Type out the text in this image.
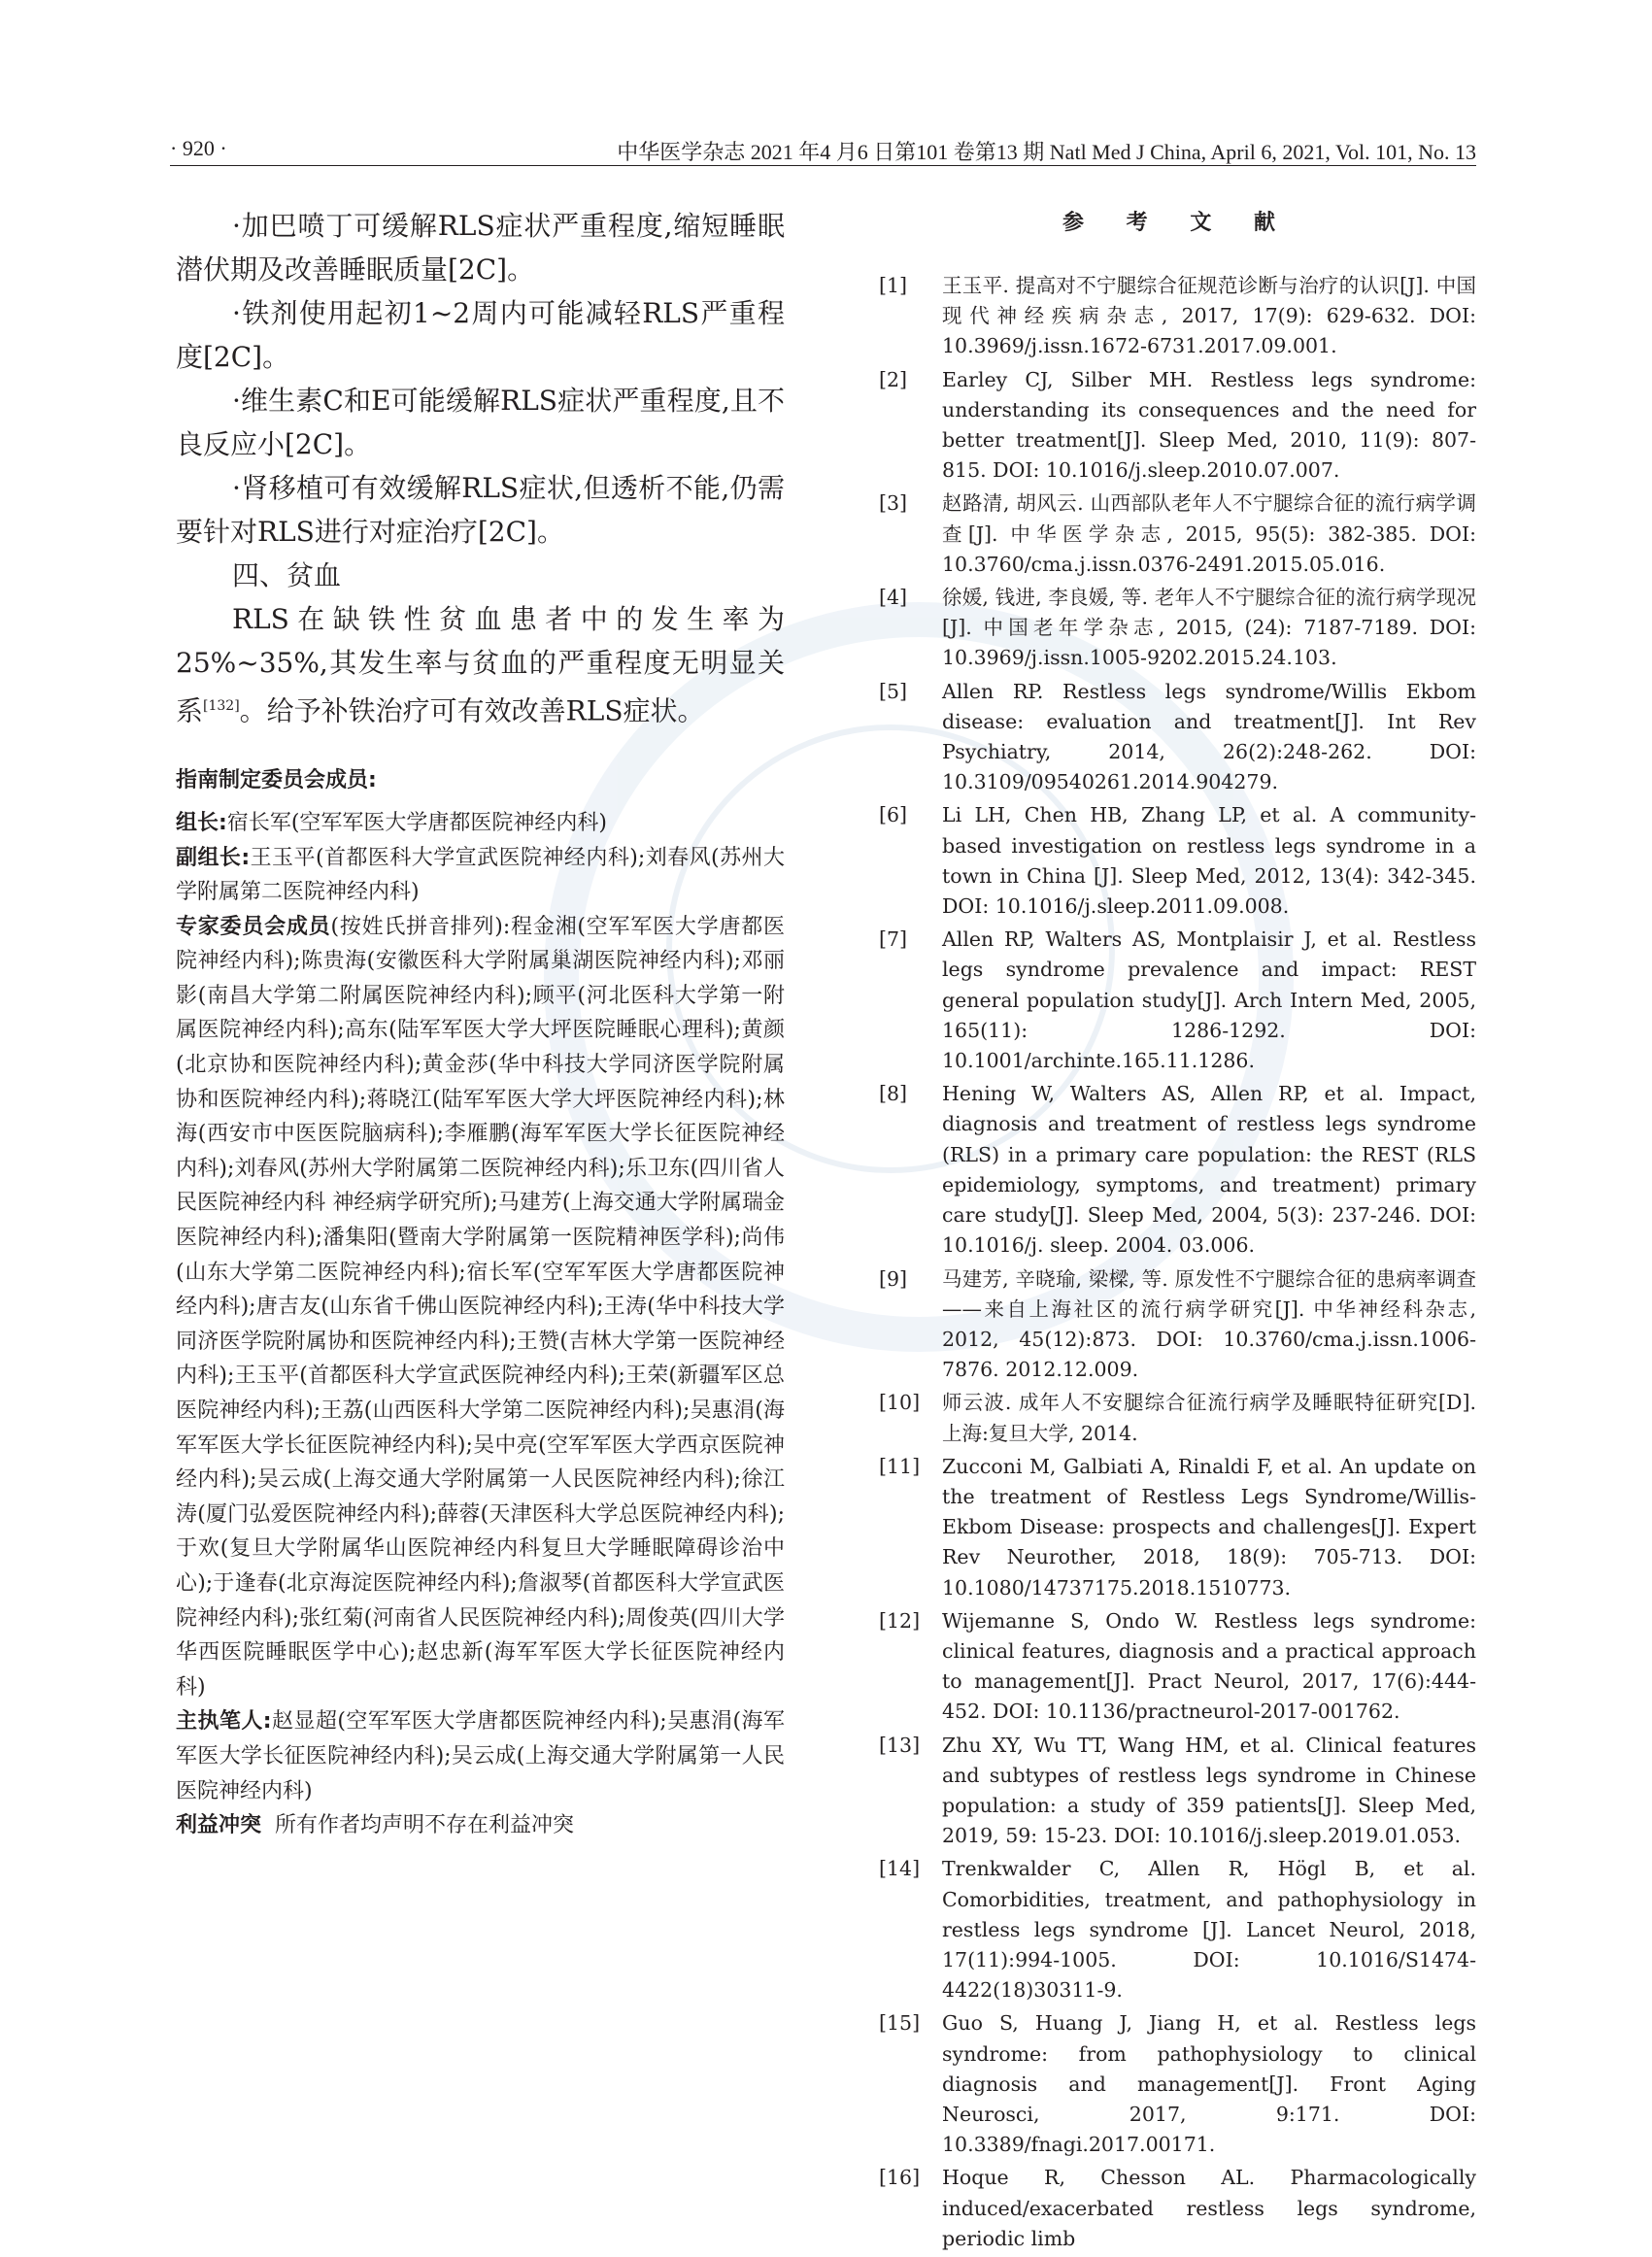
· 920 ·	中华医学杂志 2021 年4 月6 日第101 卷第13 期 Natl Med J China, April 6, 2021, Vol. 101, No. 13

·加巴喷丁可缓解RLS症状严重程度,缩短睡眠潜伏期及改善睡眠质量[2C]。

·铁剂使用起初1~2周内可能减轻RLS严重程度[2C]。

·维生素C和E可能缓解RLS症状严重程度,且不良反应小[2C]。

·肾移植可有效缓解RLS症状,但透析不能,仍需要针对RLS进行对症治疗[2C]。

四、贫血

RLS在缺铁性贫血患者中的发生率为25%~35%,其发生率与贫血的严重程度无明显关系[132]。给予补铁治疗可有效改善RLS症状。

指南制定委员会成员:

组长:宿长军(空军军医大学唐都医院神经内科)

副组长:王玉平(首都医科大学宣武医院神经内科);刘春风(苏州大学附属第二医院神经内科)

专家委员会成员(按姓氏拼音排列):程金湘(空军军医大学唐都医院神经内科);陈贵海(安徽医科大学附属巢湖医院神经内科);邓丽影(南昌大学第二附属医院神经内科);顾平(河北医科大学第一附属医院神经内科);高东(陆军军医大学大坪医院睡眠心理科);黄颜(北京协和医院神经内科);黄金莎(华中科技大学同济医学院附属协和医院神经内科);蒋晓江(陆军军医大学大坪医院神经内科);林海(西安市中医医院脑病科);李雁鹏(海军军医大学长征医院神经内科);刘春风(苏州大学附属第二医院神经内科);乐卫东(四川省人民医院神经内科 神经病学研究所);马建芳(上海交通大学附属瑞金医院神经内科);潘集阳(暨南大学附属第一医院精神医学科);尚伟(山东大学第二医院神经内科);宿长军(空军军医大学唐都医院神经内科);唐吉友(山东省千佛山医院神经内科);王涛(华中科技大学同济医学院附属协和医院神经内科);王赞(吉林大学第一医院神经内科);王玉平(首都医科大学宣武医院神经内科);王荣(新疆军区总医院神经内科);王荔(山西医科大学第二医院神经内科);吴惠涓(海军军医大学长征医院神经内科);吴中亮(空军军医大学西京医院神经内科);吴云成(上海交通大学附属第一人民医院神经内科);徐江涛(厦门弘爱医院神经内科);薛蓉(天津医科大学总医院神经内科);于欢(复旦大学附属华山医院神经内科复旦大学睡眠障碍诊治中心);于逢春(北京海淀医院神经内科);詹淑琴(首都医科大学宣武医院神经内科);张红菊(河南省人民医院神经内科);周俊英(四川大学华西医院睡眠医学中心);赵忠新(海军军医大学长征医院神经内科)

主执笔人:赵显超(空军军医大学唐都医院神经内科);吴惠涓(海军军医大学长征医院神经内科);吴云成(上海交通大学附属第一人民医院神经内科)

利益冲突 所有作者均声明不存在利益冲突

参 考 文 献

[1] 王玉平. 提高对不宁腿综合征规范诊断与治疗的认识[J]. 中国现代神经疾病杂志, 2017, 17(9): 629-632. DOI: 10.3969/j.issn.1672-6731.2017.09.001.
[2] Earley CJ, Silber MH. Restless legs syndrome: understanding its consequences and the need for better treatment[J]. Sleep Med, 2010, 11(9): 807-815. DOI: 10.1016/j.sleep.2010.07.007.
[3] 赵路清, 胡风云. 山西部队老年人不宁腿综合征的流行病学调查[J]. 中华医学杂志, 2015, 95(5): 382-385. DOI: 10.3760/cma.j.issn.0376-2491.2015.05.016.
[4] 徐媛, 钱进, 李良媛, 等. 老年人不宁腿综合征的流行病学现况[J]. 中国老年学杂志, 2015, (24): 7187-7189. DOI: 10.3969/j.issn.1005-9202.2015.24.103.
[5] Allen RP. Restless legs syndrome/Willis Ekbom disease: evaluation and treatment[J]. Int Rev Psychiatry, 2014, 26(2):248-262. DOI: 10.3109/09540261.2014.904279.
[6] Li LH, Chen HB, Zhang LP, et al. A community-based investigation on restless legs syndrome in a town in China [J]. Sleep Med, 2012, 13(4): 342-345. DOI: 10.1016/j.sleep.2011.09.008.
[7] Allen RP, Walters AS, Montplaisir J, et al. Restless legs syndrome prevalence and impact: REST general population study[J]. Arch Intern Med, 2005, 165(11): 1286-1292. DOI: 10.1001/archinte.165.11.1286.
[8] Hening W, Walters AS, Allen RP, et al. Impact, diagnosis and treatment of restless legs syndrome (RLS) in a primary care population: the REST (RLS epidemiology, symptoms, and treatment) primary care study[J]. Sleep Med, 2004, 5(3): 237-246. DOI: 10.1016/j. sleep. 2004. 03.006.
[9] 马建芳, 辛晓瑜, 梁樑, 等. 原发性不宁腿综合征的患病率调查——来自上海社区的流行病学研究[J]. 中华神经科杂志, 2012, 45(12):873. DOI: 10.3760/cma.j.issn.1006-7876. 2012.12.009.
[10] 师云波. 成年人不安腿综合征流行病学及睡眠特征研究[D]. 上海:复旦大学, 2014.
[11] Zucconi M, Galbiati A, Rinaldi F, et al. An update on the treatment of Restless Legs Syndrome/Willis-Ekbom Disease: prospects and challenges[J]. Expert Rev Neurother, 2018, 18(9): 705-713. DOI: 10.1080/14737175.2018.1510773.
[12] Wijemanne S, Ondo W. Restless legs syndrome: clinical features, diagnosis and a practical approach to management[J]. Pract Neurol, 2017, 17(6):444-452. DOI: 10.1136/practneurol-2017-001762.
[13] Zhu XY, Wu TT, Wang HM, et al. Clinical features and subtypes of restless legs syndrome in Chinese population: a study of 359 patients[J]. Sleep Med, 2019, 59: 15-23. DOI: 10.1016/j.sleep.2019.01.053.
[14] Trenkwalder C, Allen R, Högl B, et al. Comorbidities, treatment, and pathophysiology in restless legs syndrome [J]. Lancet Neurol, 2018, 17(11):994-1005. DOI: 10.1016/S1474-4422(18)30311-9.
[15] Guo S, Huang J, Jiang H, et al. Restless legs syndrome: from pathophysiology to clinical diagnosis and management[J]. Front Aging Neurosci, 2017, 9:171. DOI: 10.3389/fnagi.2017.00171.
[16] Hoque R, Chesson AL. Pharmacologically induced/exacerbated restless legs syndrome, periodic limb
